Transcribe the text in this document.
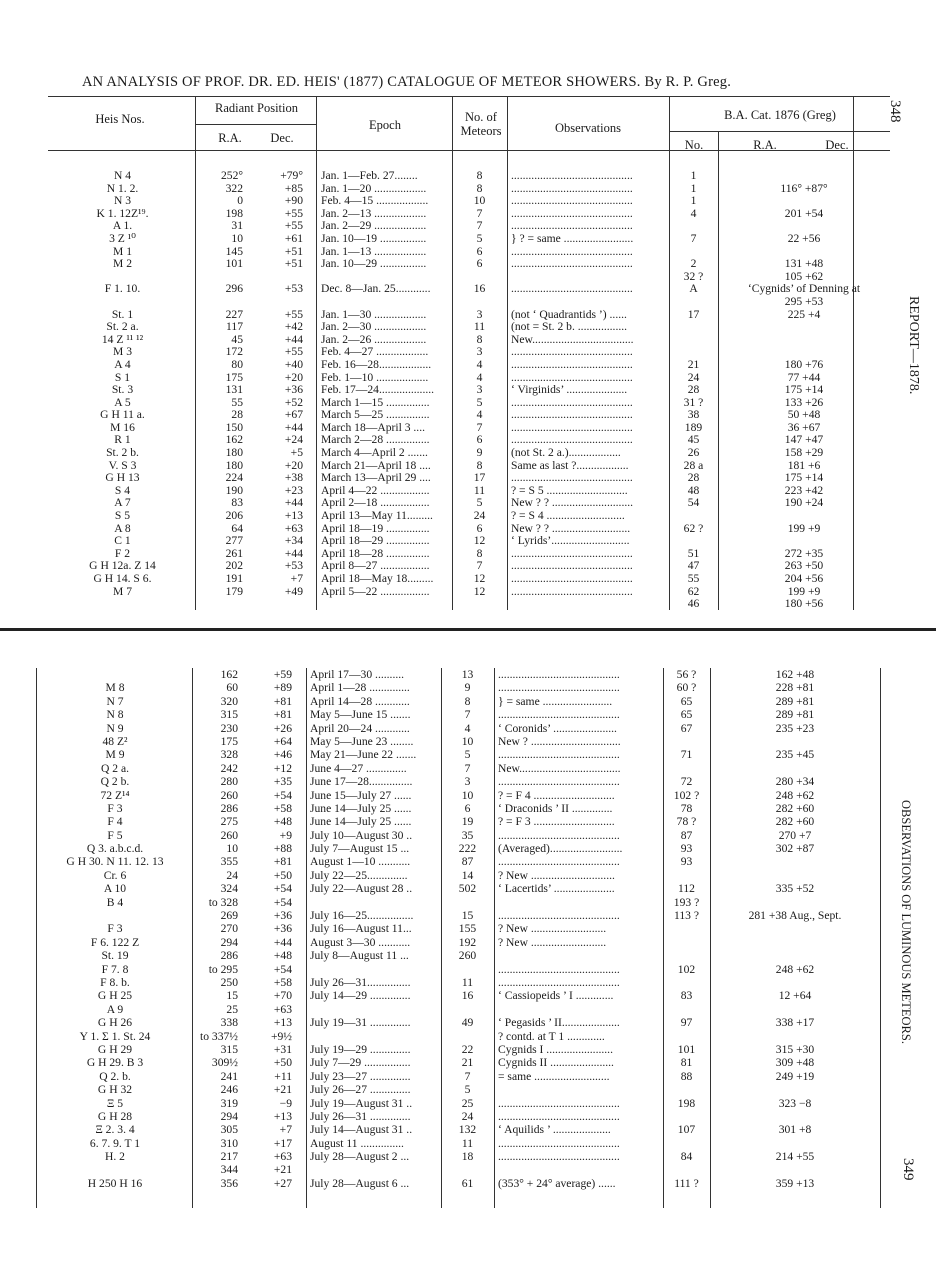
AN ANALYSIS OF PROF. DR. ED. HEIS' (1877) CATALOGUE OF METEOR SHOWERS. By R. P. Greg.
348
REPORT—1878.
OBSERVATIONS OF LUMINOUS METEORS.
349
Heis Nos.
Radiant Position
R.A.	Dec.
Epoch
No. of Meteors	Observations
B.A. Cat. 1876 (Greg)
No.	R.A.	Dec.
N 4	252°	+79°	Jan. 1—Feb. 27........	8	..........................................	1	
N 1. 2.	322	+85	Jan. 1—20 ..................	8	..........................................	1	116° +87°
N 3	0	+90	Feb. 4—15 ..................	10	..........................................	1	
K 1. 12Z¹⁹.	198	+55	Jan. 2—13 ..................	7	..........................................	4	201 +54
A 1.	31	+55	Jan. 2—29 ..................	7	..........................................		
3 Z ¹⁰	10	+61	Jan. 10—19 ................	5	} ? = same ........................	7	22 +56
M 1	145	+51	Jan. 1—13 ..................	6	..........................................		
M 2	101	+51	Jan. 10—29 ................	6	..........................................	2	131 +48
						32 ?	105 +62
F 1. 10.	296	+53	Dec. 8—Jan. 25............	16	..........................................	A	‘Cygnids’ of Denning at
							295 +53
St. 1	227	+55	Jan. 1—30 ..................	3	(not ‘ Quadrantids ’) ......	17	225 +4
St. 2 a.	117	+42	Jan. 2—30 ..................	11	(not = St. 2 b. .................		
14 Z ¹¹ ¹²	45	+44	Jan. 2—26 ..................	8	New...................................		
M 3	172	+55	Feb. 4—27 ..................	3	..........................................		
A 4	80	+40	Feb. 16—28..................	4	..........................................	21	180 +76
S 1	175	+20	Feb. 1—10 ..................	4	..........................................	24	77 +44
St. 3	131	+36	Feb. 17—24...................	3	‘ Virginids’ .....................	28	175 +14
A 5	55	+52	March 1—15 ...............	5	..........................................	31 ?	133 +26
G H 11 a.	28	+67	March 5—25 ...............	4	..........................................	38	50 +48
M 16	150	+44	March 18—April 3 ....	7	..........................................	189	36 +67
R 1	162	+24	March 2—28 ...............	6	..........................................	45	147 +47
St. 2 b.	180	+5	March 4—April 2 .......	9	(not St. 2 a.)..................	26	158 +29
V. S 3	180	+20	March 21—April 18 ....	8	Same as last ?..................	28 a	181 +6
G H 13	224	+38	March 13—April 29 ....	17	..........................................	28	175 +14
S 4	190	+23	April 4—22 .................	11	? = S 5 ............................	48	223 +42
A 7	83	+44	April 2—18 .................	5	New ? ? ............................	54	190 +24
S 5	206	+13	April 13—May 11.........	24	? = S 4 ...........................		
A 8	64	+63	April 18—19 ...............	6	New ? ? ...........................	62 ?	199 +9
C 1	277	+34	April 18—29 ...............	12	‘ Lyrids’...........................		
F 2	261	+44	April 18—28 ...............	8	..........................................	51	272 +35
G H 12a. Z 14	202	+53	April 8—27 .................	7	..........................................	47	263 +50
G H 14. S 6.	191	+7	April 18—May 18.........	12	..........................................	55	204 +56
M 7	179	+49	April 5—22 .................	12	..........................................	62	199 +9
						46	180 +56
	162	+59	April 17—30 ..........	13	..........................................	56 ?	162 +48
M 8	60	+89	April 1—28 ..............	9	..........................................	60 ?	228 +81
N 7	320	+81	April 14—28 ............	8	} = same ........................	65	289 +81
N 8	315	+81	May 5—June 15 .......	7	..........................................	65	289 +81
N 9	230	+26	April 20—24 ............	4	‘ Coronids’ ......................	67	235 +23
48 Z²	175	+64	May 5—June 23 ........	10	New ? ...............................		
M 9	328	+46	May 21—June 22 .......	5	..........................................	71	235 +45
Q 2 a.	242	+12	June 4—27 ..............	7	New...................................		
Q 2 b.	280	+35	June 17—28...............	3	..........................................	72	280 +34
72 Z¹⁴	260	+54	June 15—July 27 ......	10	? = F 4 ............................	102 ?	248 +62
F 3	286	+58	June 14—July 25 ......	6	‘ Draconids ’ II ..............	78	282 +60
F 4	275	+48	June 14—July 25 ......	19	? = F 3 ............................	78 ?	282 +60
F 5	260	+9	July 10—August 30 ..	35	..........................................	87	270 +7
Q 3. a.b.c.d.	10	+88	July 7—August 15 ...	222	(Averaged).........................	93	302 +87
G H 30. N 11. 12. 13	355	+81	August 1—10 ...........	87	..........................................	93	
Cr. 6	24	+50	July 22—25..............	14	? New .............................		
A 10	324	+54	July 22—August 28 ..	502	‘ Lacertids’ .....................	112	335 +52
B 4	to 328	+54				193 ?	
	269	+36	July 16—25................	15	..........................................	113 ?	281 +38 Aug., Sept.
F 3	270	+36	July 16—August 11...	155	? New ..........................		
F 6. 122 Z	294	+44	August 3—30 ...........	192	? New ..........................		
St. 19	286	+48	July 8—August 11 ...	260			
F 7. 8	to 295	+54			..........................................	102	248 +62
F 8. b.	250	+58	July 26—31...............	11	..........................................		
G H 25	15	+70	July 14—29 ..............	16	‘ Cassiopeids ’ I .............	83	12 +64
A 9	25	+63					
G H 26	338	+13	July 19—31 ..............	49	‘ Pegasids ’ II....................	97	338 +17
Y 1. Σ 1. St. 24	to 337½	+9½			? contd. at T 1 .............		
G H 29	315	+31	July 19—29 ..............	22	Cygnids I .......................	101	315 +30
G H 29. B 3	309½	+50	July 7—29 ................	21	Cygnids II ......................	81	309 +48
Q 2. b.	241	+11	July 23—27 ..............	7	= same ..........................	88	249 +19
G H 32	246	+21	July 26—27 ..............	5			
Ξ 5	319	−9	July 19—August 31 ..	25	..........................................	198	323 −8
G H 28	294	+13	July 26—31 ..............	24	..........................................		
Ξ 2. 3. 4	305	+7	July 14—August 31 ..	132	‘ Aquilids ’ ....................	107	301 +8
6. 7. 9. T 1	310	+17	August 11 ...............	11	..........................................		
H. 2	217	+63	July 28—August 2 ...	18	..........................................	84	214 +55
	344	+21					
H 250 H 16	356	+27	July 28—August 6 ...	61	(353° + 24° average) ......	111 ?	359 +13
